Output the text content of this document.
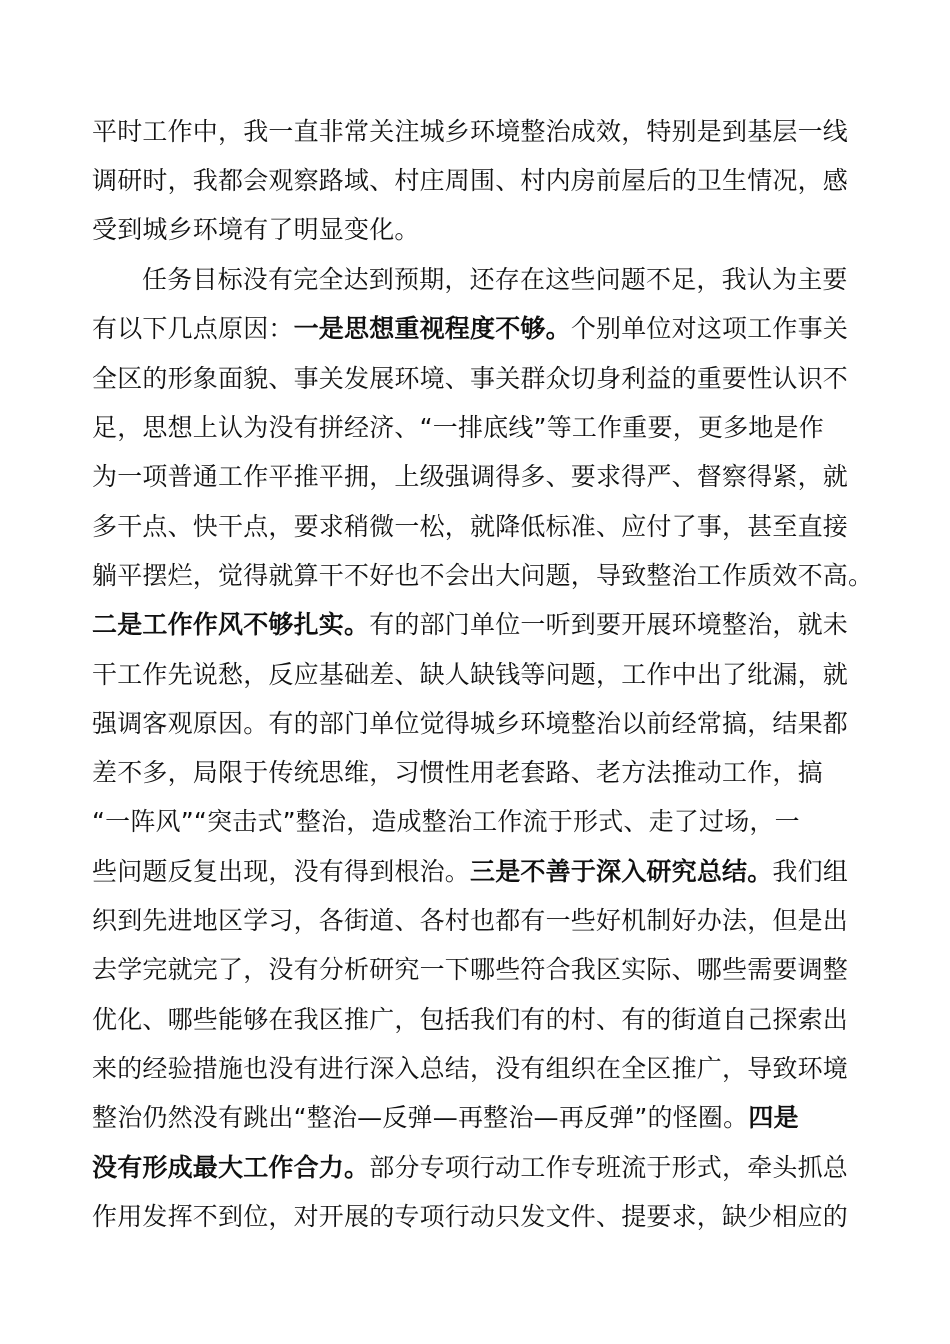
平时工作中，我一直非常关注城乡环境整治成效，特别是到基层一线

调研时，我都会观察路域、村庄周围、村内房前屋后的卫生情况，感

受到城乡环境有了明显变化。

任务目标没有完全达到预期，还存在这些问题不足，我认为主要

有以下几点原因：一是思想重视程度不够。个别单位对这项工作事关

全区的形象面貌、事关发展环境、事关群众切身利益的重要性认识不

足，思想上认为没有拼经济、“一排底线”等工作重要，更多地是作

为一项普通工作平推平拥，上级强调得多、要求得严、督察得紧，就

多干点、快干点，要求稍微一松，就降低标准、应付了事，甚至直接

躺平摆烂，觉得就算干不好也不会出大问题，导致整治工作质效不高。

二是工作作风不够扎实。有的部门单位一听到要开展环境整治，就未

干工作先说愁，反应基础差、缺人缺钱等问题，工作中出了纰漏，就

强调客观原因。有的部门单位觉得城乡环境整治以前经常搞，结果都

差不多，局限于传统思维，习惯性用老套路、老方法推动工作，搞

“一阵风”“突击式”整治，造成整治工作流于形式、走了过场，一

些问题反复出现，没有得到根治。三是不善于深入研究总结。我们组

织到先进地区学习，各街道、各村也都有一些好机制好办法，但是出

去学完就完了，没有分析研究一下哪些符合我区实际、哪些需要调整

优化、哪些能够在我区推广，包括我们有的村、有的街道自己探索出

来的经验措施也没有进行深入总结，没有组织在全区推广，导致环境

整治仍然没有跳出“整治—反弹—再整治—再反弹”的怪圈。四是

没有形成最大工作合力。部分专项行动工作专班流于形式，牵头抓总

作用发挥不到位，对开展的专项行动只发文件、提要求，缺少相应的
